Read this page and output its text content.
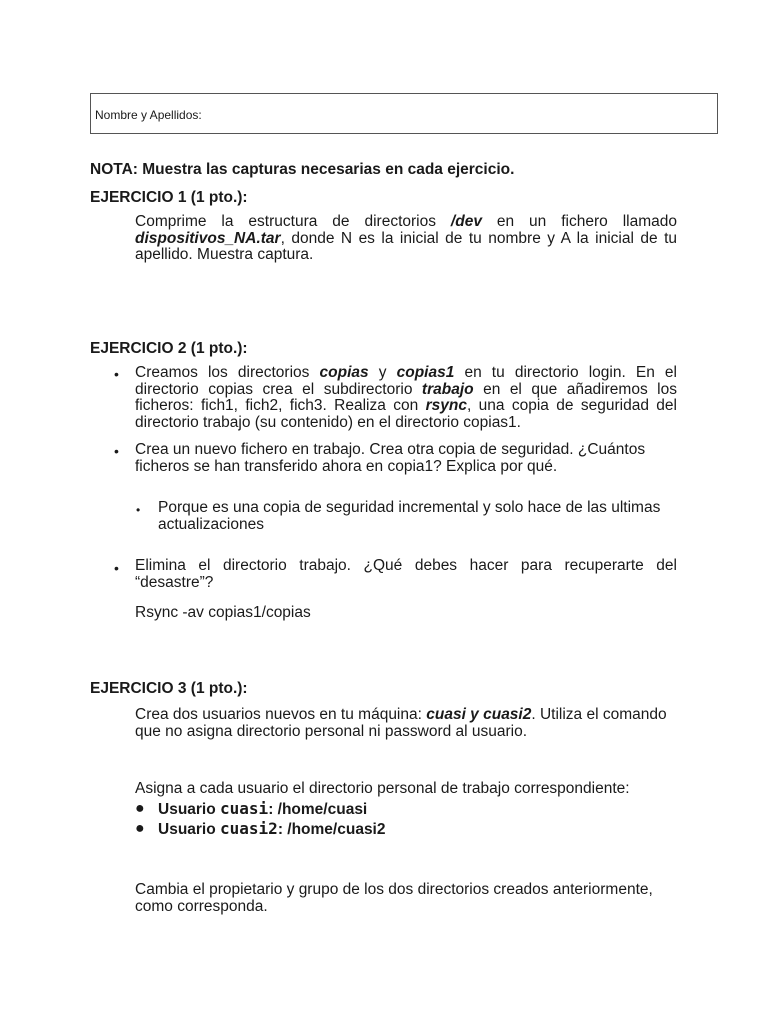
Nombre y Apellidos:
NOTA: Muestra las capturas necesarias en cada ejercicio.
EJERCICIO 1 (1 pto.):
Comprime la estructura de directorios /dev en un fichero llamado dispositivos_NA.tar, donde N es la inicial de tu nombre y A la inicial de tu apellido. Muestra captura.
EJERCICIO 2 (1 pto.):
• Creamos los directorios copias y copias1 en tu directorio login. En el directorio copias crea el subdirectorio trabajo en el que añadiremos los ficheros: fich1, fich2, fich3. Realiza con rsync, una copia de seguridad del directorio trabajo (su contenido) en el directorio copias1.
• Crea un nuevo fichero en trabajo. Crea otra copia de seguridad. ¿Cuántos ficheros se han transferido ahora en copia1? Explica por qué.
• Porque es una copia de seguridad incremental y solo hace de las ultimas actualizaciones
• Elimina el directorio trabajo. ¿Qué debes hacer para recuperarte del “desastre”?
Rsync -av copias1/copias
EJERCICIO 3 (1 pto.):
Crea dos usuarios nuevos en tu máquina: cuasi y cuasi2. Utiliza el comando que no asigna directorio personal ni password al usuario.
Asigna a cada usuario el directorio personal de trabajo correspondiente:
● Usuario cuasi: /home/cuasi
● Usuario cuasi2: /home/cuasi2
Cambia el propietario y grupo de los dos directorios creados anteriormente, como corresponda.
